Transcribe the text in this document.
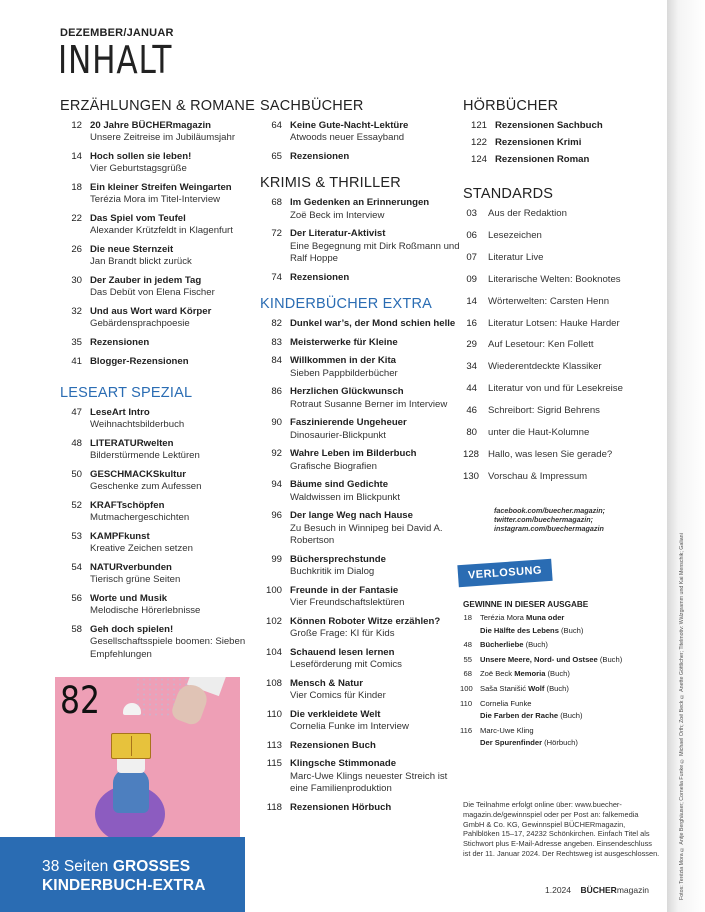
Fotos: Terézia Mora © Antje Berghäuser; Cornelia Funke © Michael Orth; Zoë Beck © Anette Göttlicher; Titelmotiv: Wälzgramm und Kai Menschik; Galiani
DEZEMBER/JANUAR
INHALT
ERZÄHLUNGEN & ROMANE
12 20 Jahre BÜCHERmagazin
Unsere Zeitreise im Jubiläumsjahr
14 Hoch sollen sie leben!
Vier Geburtstagsgrüße
18 Ein kleiner Streifen Weingarten
Terézia Mora im Titel-Interview
22 Das Spiel vom Teufel
Alexander Krützfeldt in Klagenfurt
26 Die neue Sternzeit
Jan Brandt blickt zurück
30 Der Zauber in jedem Tag
Das Debüt von Elena Fischer
32 Und aus Wort ward Körper
Gebärdensprachpoesie
35 Rezensionen
41 Blogger-Rezensionen
LESEART SPEZIAL
47 LeseArt Intro
Weihnachtsbilderbuch
48 LITERATURwelten
Bilderstürmende Lektüren
50 GESCHMACKSkultur
Geschenke zum Aufessen
52 KRAFTschöpfen
Mutmachergeschichten
53 KAMPFkunst
Kreative Zeichen setzen
54 NATURverbunden
Tierisch grüne Seiten
56 Worte und Musik
Melodische Hörerlebnisse
58 Geh doch spielen!
Gesellschaftsspiele boomen: Sieben Empfehlungen
SACHBÜCHER
64 Keine Gute-Nacht-Lektüre
Atwoods neuer Essayband
65 Rezensionen
KRIMIS & THRILLER
68 Im Gedenken an Erinnerungen
Zoë Beck im Interview
72 Der Literatur-Aktivist
Eine Begegnung mit Dirk Roßmann und Ralf Hoppe
74 Rezensionen
KINDERBÜCHER EXTRA
82 Dunkel war’s, der Mond schien helle
83 Meisterwerke für Kleine
84 Willkommen in der Kita
Sieben Pappbilderbücher
86 Herzlichen Glückwunsch
Rotraut Susanne Berner im Interview
90 Faszinierende Ungeheuer
Dinosaurier-Blickpunkt
92 Wahre Leben im Bilderbuch
Grafische Biografien
94 Bäume sind Gedichte
Waldwissen im Blickpunkt
96 Der lange Weg nach Hause
Zu Besuch in Winnipeg bei David A. Robertson
99 Büchersprechstunde
Buchkritik im Dialog
100 Freunde in der Fantasie
Vier Freundschaftslektüren
102 Können Roboter Witze erzählen?
Große Frage: KI für Kids
104 Schauend lesen lernen
Leseförderung mit Comics
108 Mensch & Natur
Vier Comics für Kinder
110 Die verkleidete Welt
Cornelia Funke im Interview
113 Rezensionen Buch
115 Klingsche Stimmonade
Marc-Uwe Klings neuester Streich ist eine Familienproduktion
118 Rezensionen Hörbuch
HÖRBÜCHER
121 Rezensionen Sachbuch
122 Rezensionen Krimi
124 Rezensionen Roman
STANDARDS
03	Aus der Redaktion
06	Lesezeichen
07	Literatur Live
09	Literarische Welten: Booknotes
14	Wörterwelten: Carsten Henn
16	Literatur Lotsen: Hauke Harder
29	Auf Lesetour: Ken Follett
34	Wiederentdeckte Klassiker
44	Literatur von und für Lesekreise
46	Schreibort: Sigrid Behrens
80	unter die Haut-Kolumne
128 Hallo, was lesen Sie gerade?
130 Vorschau & Impressum
facebook.com/buecher.magazin;
twitter.com/buechermagazin;
instagram.com/buechermagazin
VERLOSUNG
GEWINNE IN DIESER AUSGABE
18	Terézia Mora Muna oder
Die Hälfte des Lebens (Buch)
48	Bücherliebe (Buch)
55	Unsere Meere, Nord- und Ostsee (Buch)
68	Zoë Beck Memoria (Buch)
100 Saša Stanišić Wolf (Buch)
110	Cornelia Funke
Die Farben der Rache (Buch)
116	Marc-Uwe Kling
Der Spurenfinder (Hörbuch)
Die Teilnahme erfolgt online über: www.buecher-magazin.de/gewinnspiel oder per Post an: falkemedia GmbH & Co. KG, Gewinnspiel BÜCHERmagazin, Pahlblöken 15–17, 24232 Schönkirchen. Einfach Titel als Stichwort plus E-Mail-Adresse angeben. Einsendeschluss ist der 11. Januar 2024. Der Rechtsweg ist ausgeschlossen.
1.2024 BÜCHERmagazin
82
38 Seiten GROSSES
KINDERBUCH-EXTRA
